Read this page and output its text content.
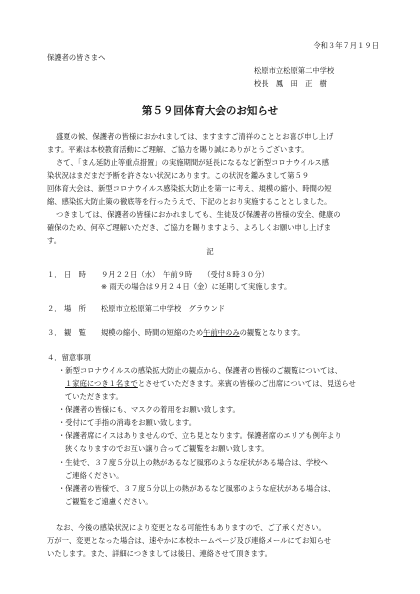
令和３年７月１９日

保護者の皆さまへ

松原市立松原第二中学校

校長　鳳　田　正　樹

第５９回体育大会のお知らせ

盛夏の候、保護者の皆様におかれましては、ますますご清祥のこととお喜び申し上げ

ます。平素は本校教育活動にご理解、ご協力を賜り誠にありがとうございます。

さて、「まん延防止等重点措置」の実施期間が延長になるなど新型コロナウイルス感

染状況はまだまだ予断を許さない状況にあります。この状況を鑑みまして第５９

回体育大会は、新型コロナウイルス感染拡大防止を第一に考え、規模の縮小、時間の短

縮、感染拡大防止策の徹底等を行ったうえで、下記のとおり実施することとしました。

つきましては、保護者の皆様におかれましても、生徒及び保護者の皆様の安全、健康の

確保のため、何卒ご理解いただき、ご協力を賜りますよう、よろしくお願い申し上げま

す。

記

１． 日　時 ９月２２日（水）　午前９時　　（受付８時３０分）

※ 雨天の場合は９月２４日（金）に延期して実施します。

２． 場　所 松原市立松原第二中学校　グラウンド

３． 観　覧 規模の縮小、時間の短縮のため午前中のみの観覧となります。

４．留意事項

・新型コロナウイルスの感染拡大防止の観点から、保護者の皆様のご観覧については、

１家庭につき１名までとさせていただきます。来賓の皆様のご出席については、見送らせ

ていただきます。

・保護者の皆様にも、マスクの着用をお願い致します。

・受付にて手指の消毒をお願い致します。

・保護者席にイスはありませんので、立ち見となります。保護者席のエリアも例年より

狭くなりますのでお互い譲り合ってご観覧をお願い致します。

・生徒で、３７度５分以上の熱があるなど風邪のような症状がある場合は、学校へ

ご連絡ください。

・保護者の皆様で、３７度５分以上の熱があるなど風邪のような症状がある場合は、

ご観覧をご遠慮ください。

なお、今後の感染状況により変更となる可能性もありますので、ご了承ください。

万が一、変更となった場合は、速やかに本校ホームページ及び連絡メールにてお知らせ

いたします。また、詳細につきましては後日、連絡させて頂きます。
